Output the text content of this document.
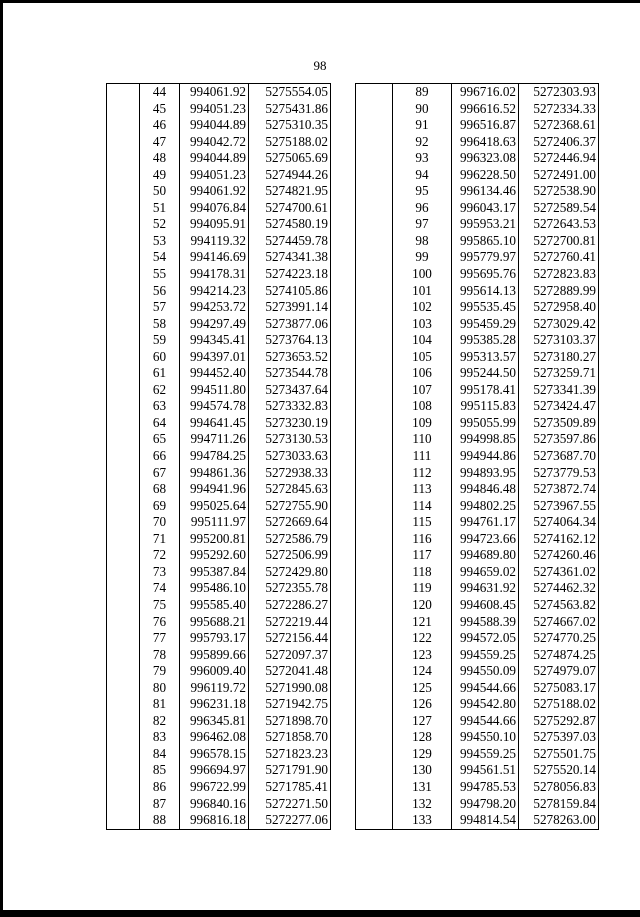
98
	44	994061.92	5275554.05
	45	994051.23	5275431.86
	46	994044.89	5275310.35
	47	994042.72	5275188.02
	48	994044.89	5275065.69
	49	994051.23	5274944.26
	50	994061.92	5274821.95
	51	994076.84	5274700.61
	52	994095.91	5274580.19
	53	994119.32	5274459.78
	54	994146.69	5274341.38
	55	994178.31	5274223.18
	56	994214.23	5274105.86
	57	994253.72	5273991.14
	58	994297.49	5273877.06
	59	994345.41	5273764.13
	60	994397.01	5273653.52
	61	994452.40	5273544.78
	62	994511.80	5273437.64
	63	994574.78	5273332.83
	64	994641.45	5273230.19
	65	994711.26	5273130.53
	66	994784.25	5273033.63
	67	994861.36	5272938.33
	68	994941.96	5272845.63
	69	995025.64	5272755.90
	70	995111.97	5272669.64
	71	995200.81	5272586.79
	72	995292.60	5272506.99
	73	995387.84	5272429.80
	74	995486.10	5272355.78
	75	995585.40	5272286.27
	76	995688.21	5272219.44
	77	995793.17	5272156.44
	78	995899.66	5272097.37
	79	996009.40	5272041.48
	80	996119.72	5271990.08
	81	996231.18	5271942.75
	82	996345.81	5271898.70
	83	996462.08	5271858.70
	84	996578.15	5271823.23
	85	996694.97	5271791.90
	86	996722.99	5271785.41
	87	996840.16	5272271.50
	88	996816.18	5272277.06
	89	996716.02	5272303.93
	90	996616.52	5272334.33
	91	996516.87	5272368.61
	92	996418.63	5272406.37
	93	996323.08	5272446.94
	94	996228.50	5272491.00
	95	996134.46	5272538.90
	96	996043.17	5272589.54
	97	995953.21	5272643.53
	98	995865.10	5272700.81
	99	995779.97	5272760.41
	100	995695.76	5272823.83
	101	995614.13	5272889.99
	102	995535.45	5272958.40
	103	995459.29	5273029.42
	104	995385.28	5273103.37
	105	995313.57	5273180.27
	106	995244.50	5273259.71
	107	995178.41	5273341.39
	108	995115.83	5273424.47
	109	995055.99	5273509.89
	110	994998.85	5273597.86
	111	994944.86	5273687.70
	112	994893.95	5273779.53
	113	994846.48	5273872.74
	114	994802.25	5273967.55
	115	994761.17	5274064.34
	116	994723.66	5274162.12
	117	994689.80	5274260.46
	118	994659.02	5274361.02
	119	994631.92	5274462.32
	120	994608.45	5274563.82
	121	994588.39	5274667.02
	122	994572.05	5274770.25
	123	994559.25	5274874.25
	124	994550.09	5274979.07
	125	994544.66	5275083.17
	126	994542.80	5275188.02
	127	994544.66	5275292.87
	128	994550.10	5275397.03
	129	994559.25	5275501.75
	130	994561.51	5275520.14
	131	994785.53	5278056.83
	132	994798.20	5278159.84
	133	994814.54	5278263.00
